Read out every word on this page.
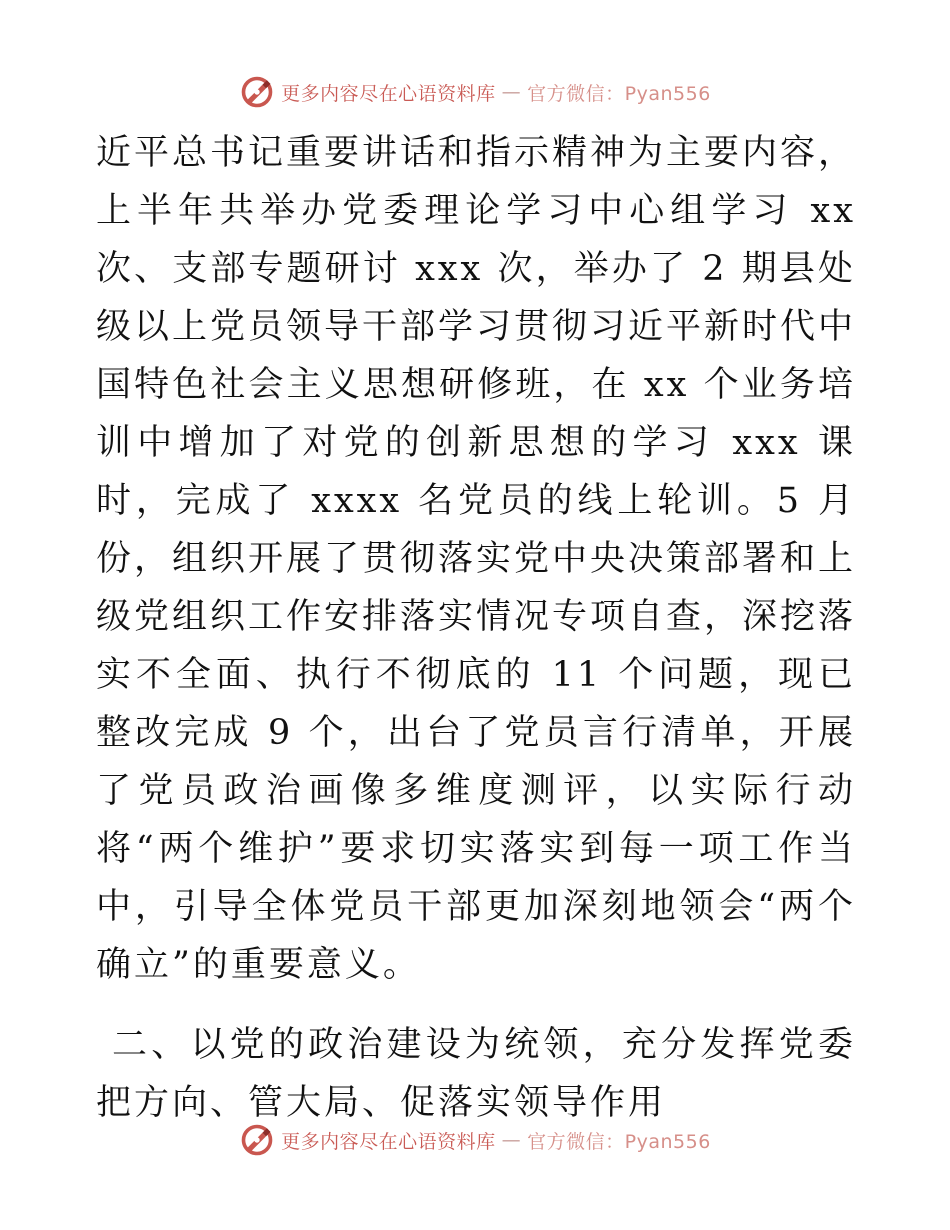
更多内容尽在心语资料库 — 官方微信：Pyan556

近平总书记重要讲话和指示精神为主要内容，上半年共举办党委理论学习中心组学习 xx 次、支部专题研讨 xxx 次，举办了 2 期县处级以上党员领导干部学习贯彻习近平新时代中国特色社会主义思想研修班，在 xx 个业务培训中增加了对党的创新思想的学习 xxx 课时，完成了 xxxx 名党员的线上轮训。5 月份，组织开展了贯彻落实党中央决策部署和上级党组织工作安排落实情况专项自查，深挖落实不全面、执行不彻底的 11 个问题，现已整改完成 9 个，出台了党员言行清单，开展了党员政治画像多维度测评，以实际行动将“两个维护”要求切实落实到每一项工作当中，引导全体党员干部更加深刻地领会“两个确立”的重要意义。

二、以党的政治建设为统领，充分发挥党委把方向、管大局、促落实领导作用

更多内容尽在心语资料库 — 官方微信：Pyan556
